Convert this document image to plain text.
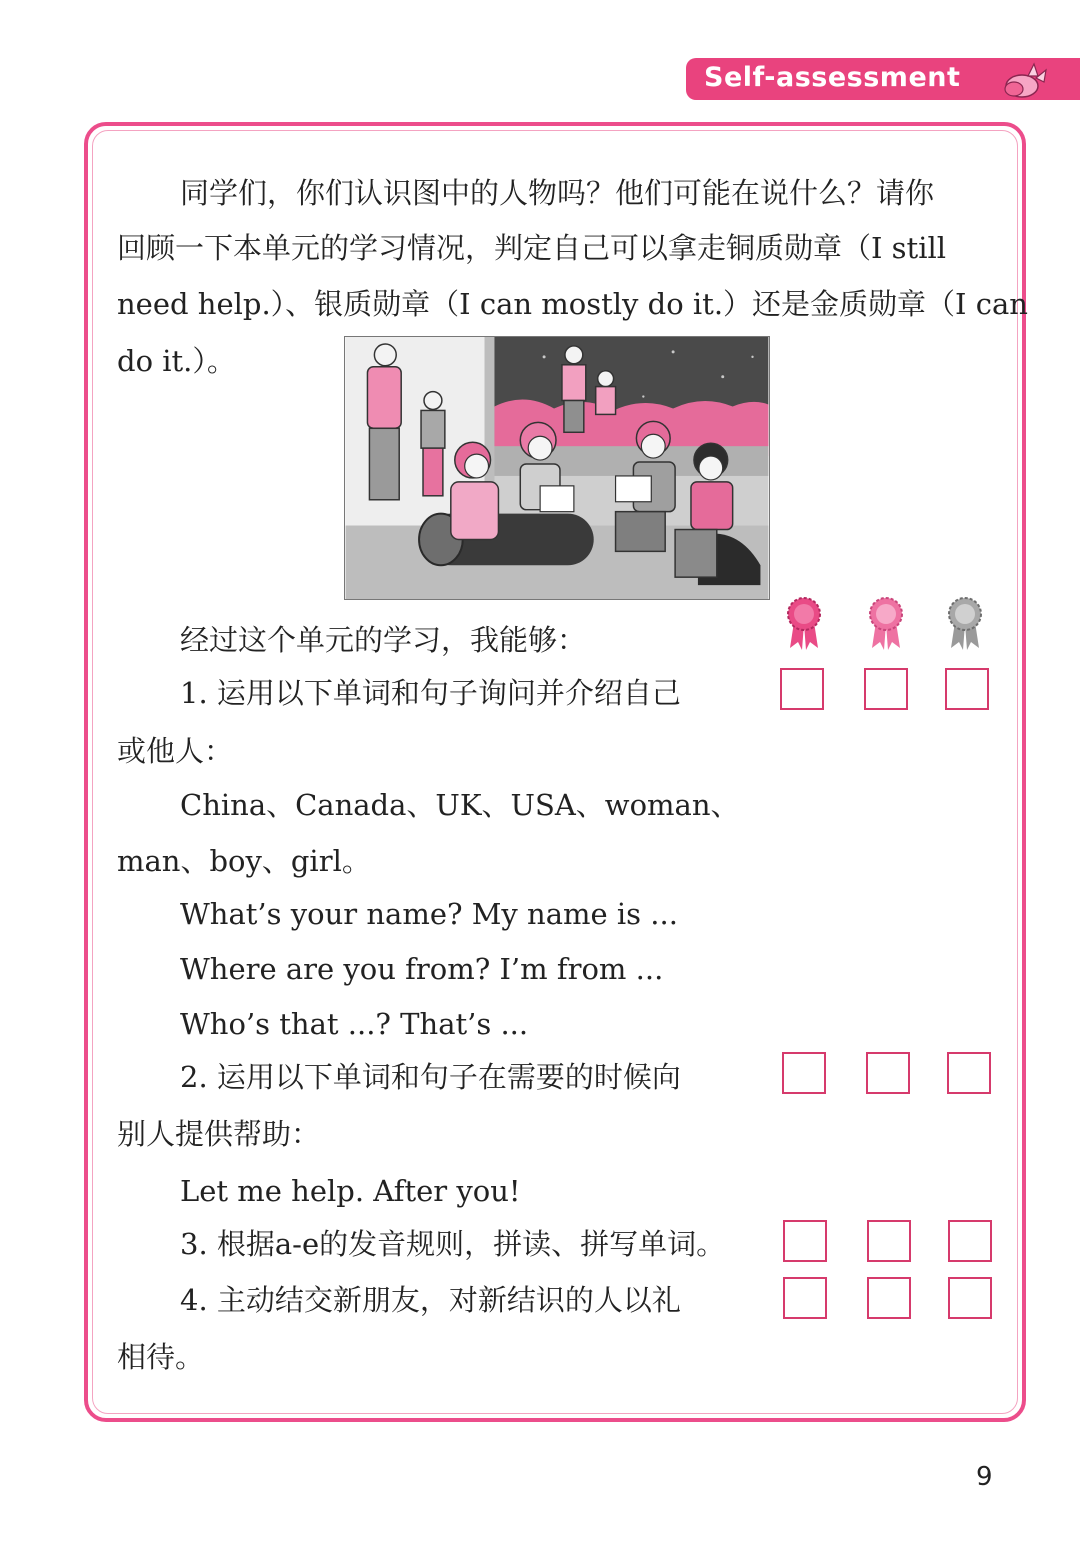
Self-assessment
同学们，你们认识图中的人物吗？他们可能在说什么？请你
回顾一下本单元的学习情况，判定自己可以拿走铜质勋章（I still
need help.）、银质勋章（I can mostly do it.）还是金质勋章（I can
do it.）。
经过这个单元的学习，我能够：
1. 运用以下单词和句子询问并介绍自己
或他人：
China、Canada、UK、USA、woman、
man、boy、girl。
What’s your name? My name is ...
Where are you from? I’m from ...
Who’s that ...? That’s ...
2. 运用以下单词和句子在需要的时候向
别人提供帮助：
Let me help. After you!
3. 根据a-e的发音规则，拼读、拼写单词。
4. 主动结交新朋友，对新结识的人以礼
相待。
9
